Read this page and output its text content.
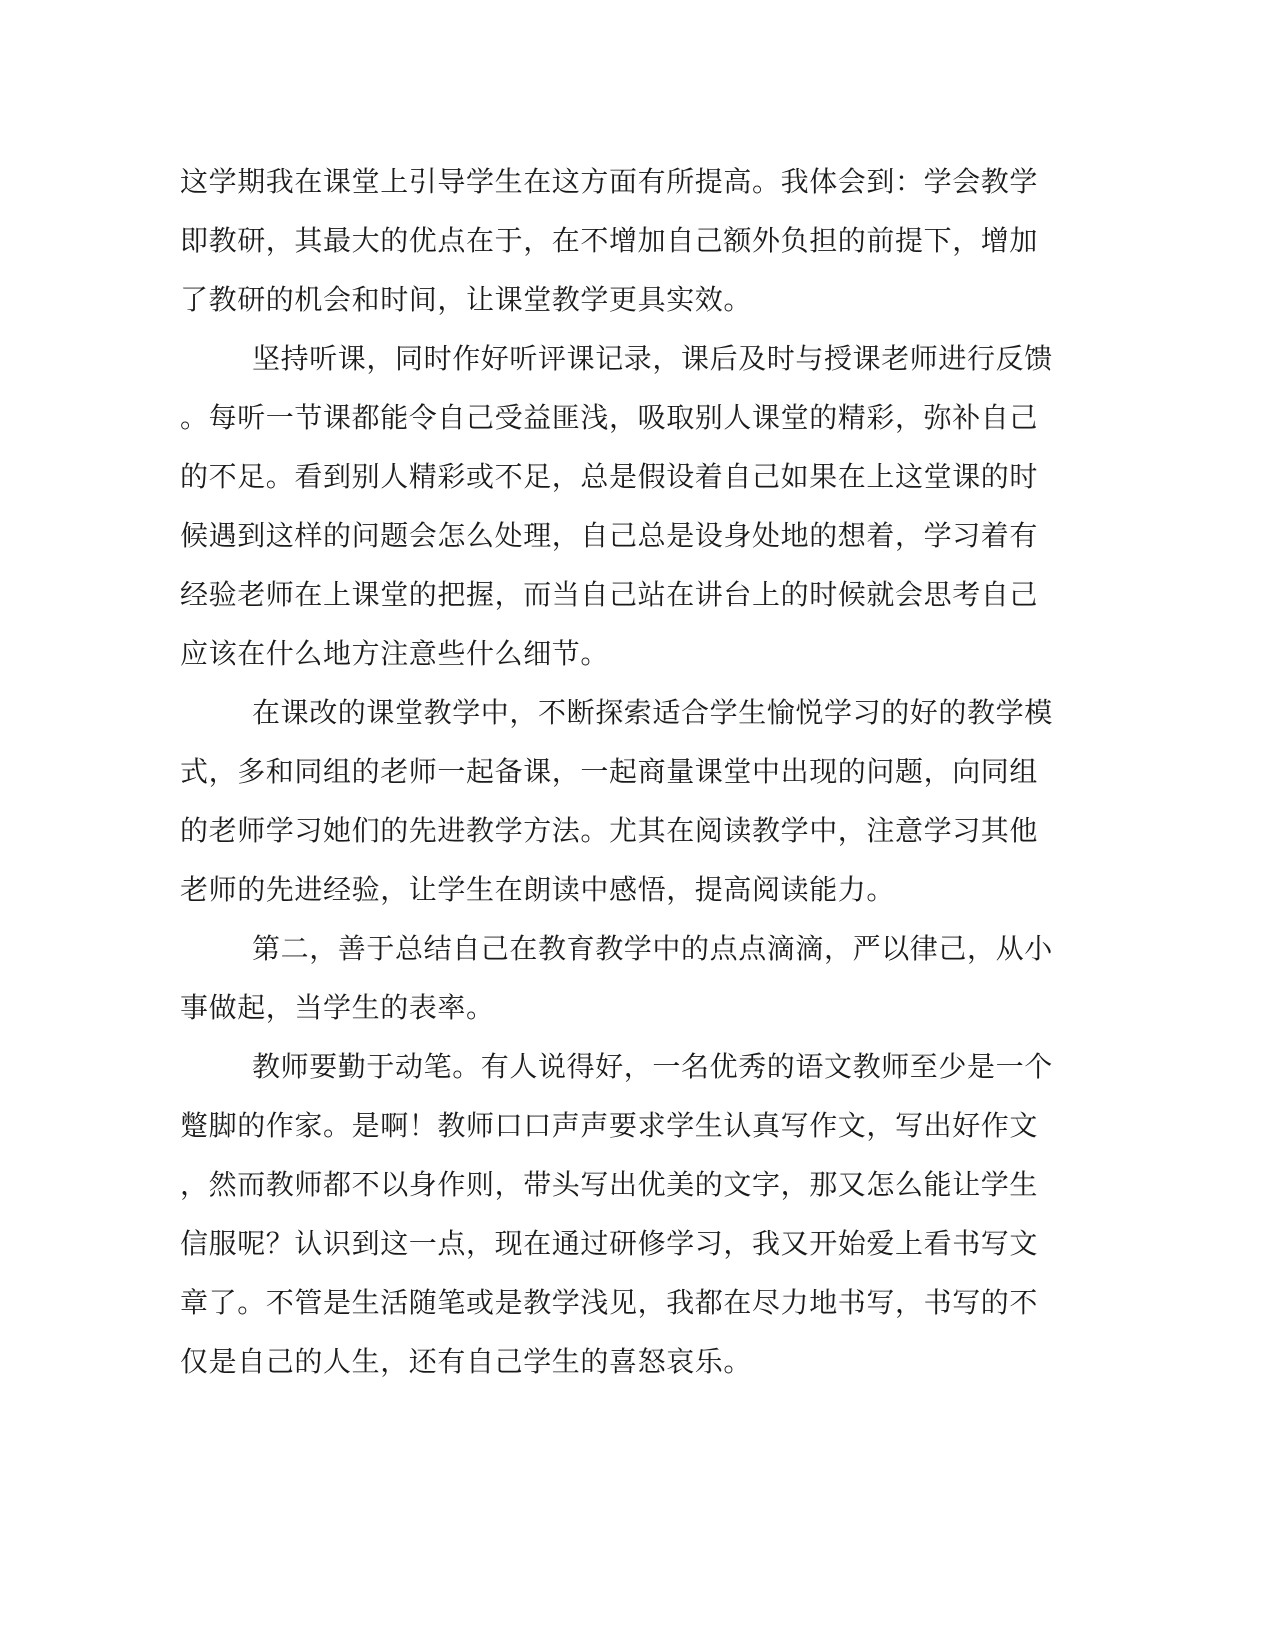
这学期我在课堂上引导学生在这方面有所提高。我体会到：学会教学
即教研，其最大的优点在于，在不增加自己额外负担的前提下，增加
了教研的机会和时间，让课堂教学更具实效。
坚持听课，同时作好听评课记录，课后及时与授课老师进行反馈
。每听一节课都能令自己受益匪浅，吸取别人课堂的精彩，弥补自己
的不足。看到别人精彩或不足，总是假设着自己如果在上这堂课的时
候遇到这样的问题会怎么处理，自己总是设身处地的想着，学习着有
经验老师在上课堂的把握，而当自己站在讲台上的时候就会思考自己
应该在什么地方注意些什么细节。
在课改的课堂教学中，不断探索适合学生愉悦学习的好的教学模
式，多和同组的老师一起备课，一起商量课堂中出现的问题，向同组
的老师学习她们的先进教学方法。尤其在阅读教学中，注意学习其他
老师的先进经验，让学生在朗读中感悟，提高阅读能力。
第二，善于总结自己在教育教学中的点点滴滴，严以律己，从小
事做起，当学生的表率。
教师要勤于动笔。有人说得好，一名优秀的语文教师至少是一个
蹩脚的作家。是啊！教师口口声声要求学生认真写作文，写出好作文
，然而教师都不以身作则，带头写出优美的文字，那又怎么能让学生
信服呢？认识到这一点，现在通过研修学习，我又开始爱上看书写文
章了。不管是生活随笔或是教学浅见，我都在尽力地书写，书写的不
仅是自己的人生，还有自己学生的喜怒哀乐。
